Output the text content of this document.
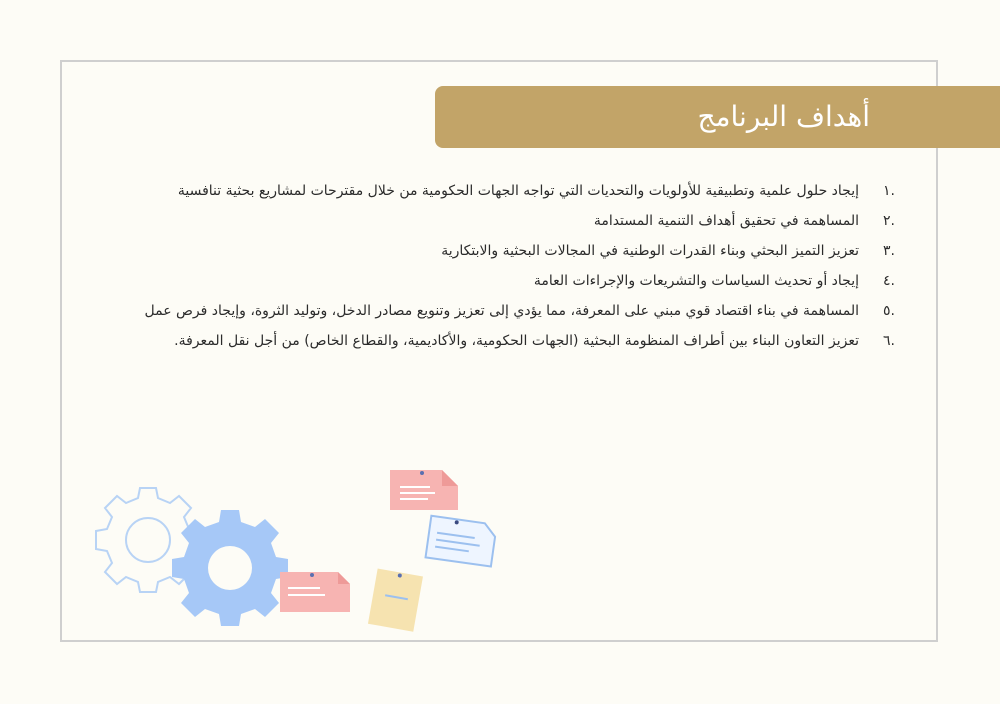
أهداف البرنامج
.١
إيجاد حلول علمية وتطبيقية للأولويات والتحديات التي تواجه الجهات الحكومية من خلال مقترحات لمشاريع بحثية تنافسية
.٢
المساهمة في تحقيق أهداف التنمية المستدامة
.٣
تعزيز التميز البحثي وبناء القدرات الوطنية في المجالات البحثية والابتكارية
.٤
إيجاد أو تحديث السياسات والتشريعات والإجراءات العامة
.٥
المساهمة في بناء اقتصاد قوي مبني على المعرفة، مما يؤدي إلى تعزيز وتنويع مصادر الدخل، وتوليد الثروة، وإيجاد فرص عمل
.٦
تعزيز التعاون البناء بين أطراف المنظومة البحثية (الجهات الحكومية، والأكاديمية، والقطاع الخاص) من أجل نقل المعرفة.
